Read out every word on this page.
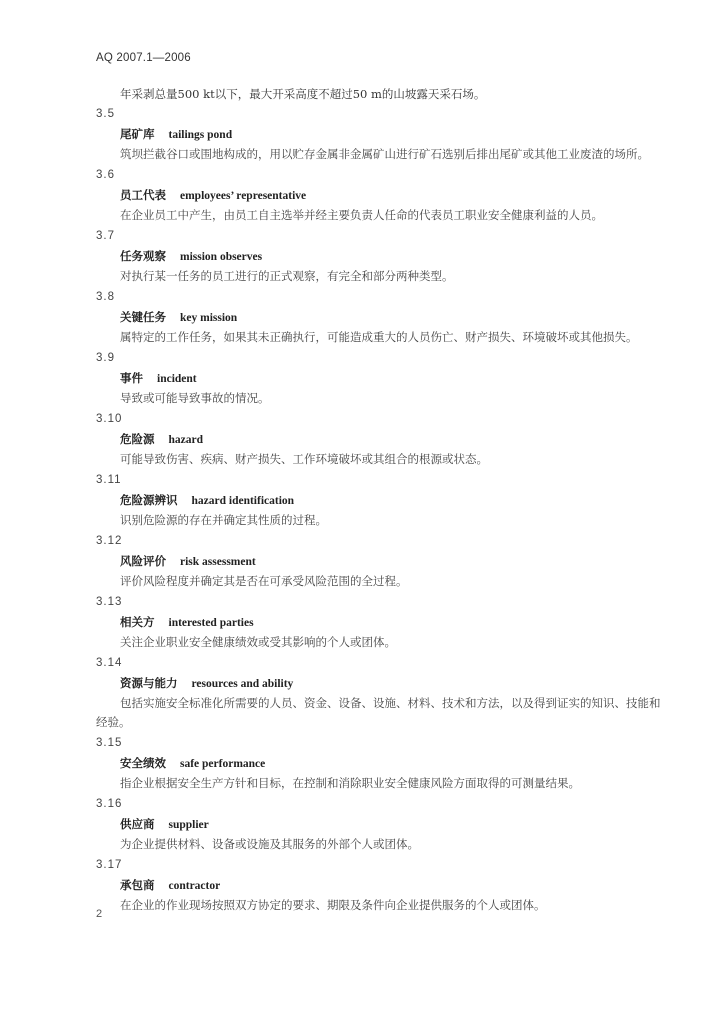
AQ 2007.1—2006

年采剥总量500 kt以下，最大开采高度不超过50 m的山坡露天采石场。

3.5

尾矿库 tailings pond

筑坝拦截谷口或围地构成的，用以贮存金属非金属矿山进行矿石选别后排出尾矿或其他工业废渣的场所。

3.6

员工代表 employees’ representative

在企业员工中产生，由员工自主选举并经主要负责人任命的代表员工职业安全健康利益的人员。

3.7

任务观察 mission observes

对执行某一任务的员工进行的正式观察，有完全和部分两种类型。

3.8

关键任务 key mission

属特定的工作任务，如果其未正确执行，可能造成重大的人员伤亡、财产损失、环境破坏或其他损失。

3.9

事件 incident

导致或可能导致事故的情况。

3.10

危险源 hazard

可能导致伤害、疾病、财产损失、工作环境破坏或其组合的根源或状态。

3.11

危险源辨识 hazard identification

识别危险源的存在并确定其性质的过程。

3.12

风险评价 risk assessment

评价风险程度并确定其是否在可承受风险范围的全过程。

3.13

相关方 interested parties

关注企业职业安全健康绩效或受其影响的个人或团体。

3.14

资源与能力 resources and ability

包括实施安全标准化所需要的人员、资金、设备、设施、材料、技术和方法，以及得到证实的知识、技能和经验。

3.15

安全绩效 safe performance

指企业根据安全生产方针和目标，在控制和消除职业安全健康风险方面取得的可测量结果。

3.16

供应商 supplier

为企业提供材料、设备或设施及其服务的外部个人或团体。

3.17

承包商 contractor

在企业的作业现场按照双方协定的要求、期限及条件向企业提供服务的个人或团体。

2
